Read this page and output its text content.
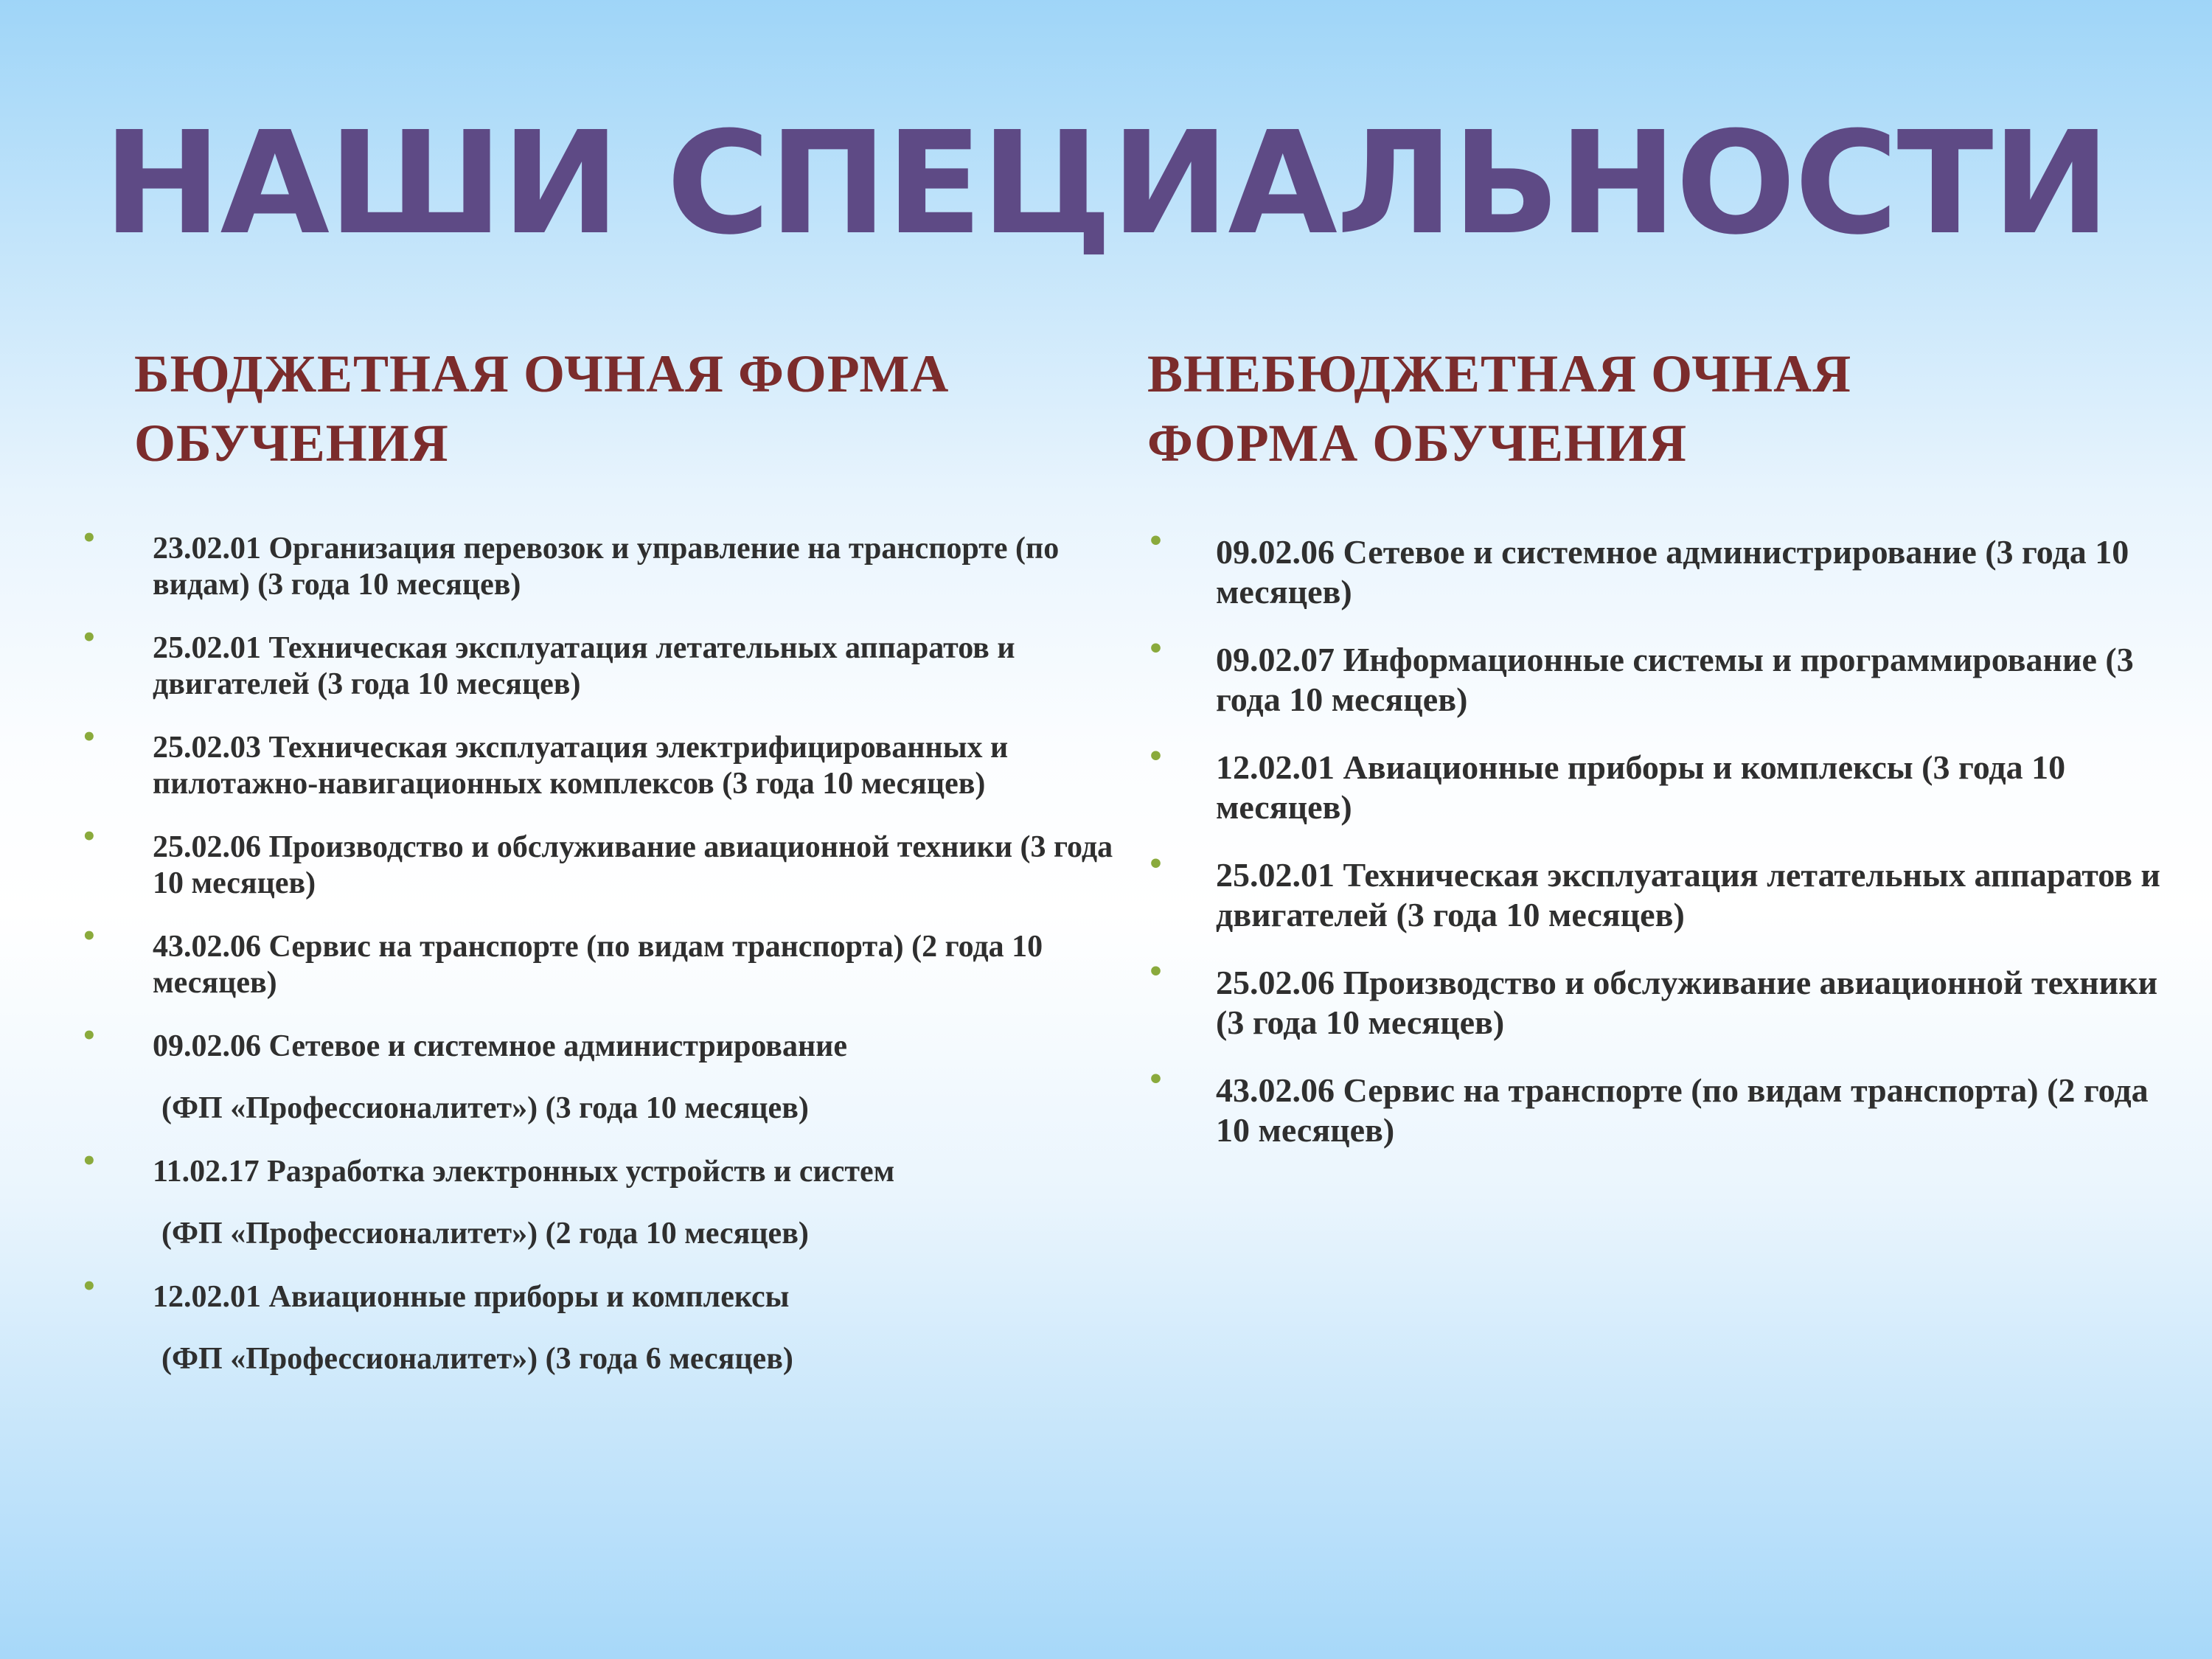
НАШИ СПЕЦИАЛЬНОСТИ
БЮДЖЕТНАЯ ОЧНАЯ ФОРМА
ОБУЧЕНИЯ
ВНЕБЮДЖЕТНАЯ ОЧНАЯ
ФОРМА ОБУЧЕНИЯ
• 23.02.01 Организация перевозок и управление на транспорте (по видам) (3 года 10 месяцев)
• 25.02.01 Техническая эксплуатация летательных аппаратов и двигателей (3 года 10 месяцев)
• 25.02.03 Техническая эксплуатация электрифицированных и пилотажно-навигационных комплексов (3 года 10 месяцев)
• 25.02.06 Производство и обслуживание авиационной техники (3 года 10 месяцев)
• 43.02.06 Сервис на транспорте (по видам транспорта) (2 года 10 месяцев)
• 09.02.06 Сетевое и системное администрирование
(ФП «Профессионалитет») (3 года 10 месяцев)
• 11.02.17 Разработка электронных устройств и систем
(ФП «Профессионалитет») (2 года 10 месяцев)
• 12.02.01 Авиационные приборы и комплексы
(ФП «Профессионалитет») (3 года 6 месяцев)
• 09.02.06 Сетевое и системное администрирование (3 года 10 месяцев)
• 09.02.07 Информационные системы и программирование (3 года 10 месяцев)
• 12.02.01 Авиационные приборы и комплексы (3 года 10 месяцев)
• 25.02.01 Техническая эксплуатация летательных аппаратов и двигателей (3 года 10 месяцев)
• 25.02.06 Производство и обслуживание авиационной техники (3 года 10 месяцев)
• 43.02.06 Сервис на транспорте (по видам транспорта) (2 года 10 месяцев)
